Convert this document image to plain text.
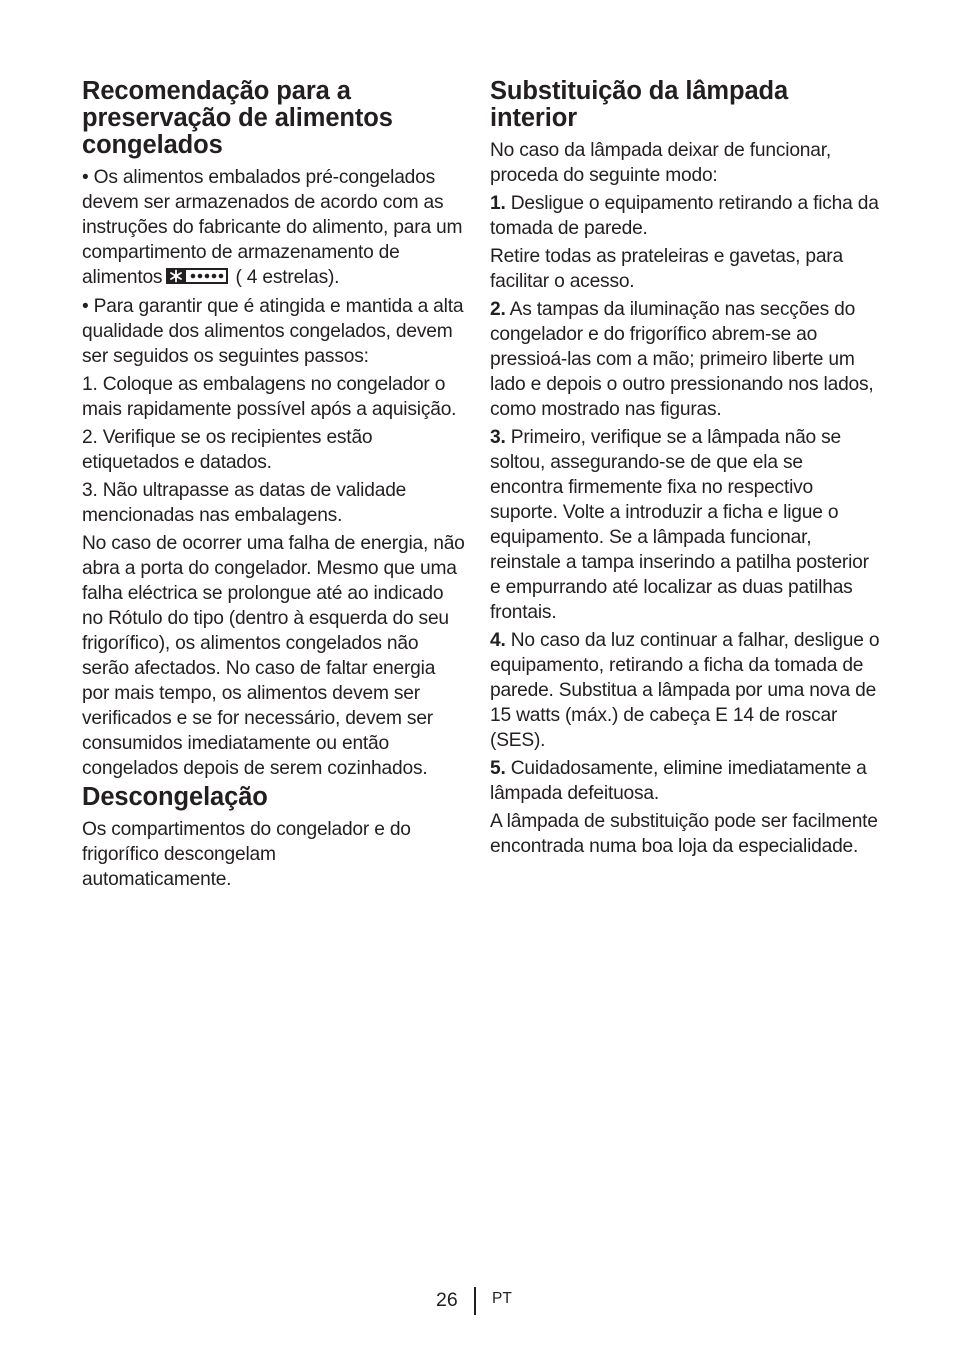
Recomendação para a preservação de alimentos congelados

• Os alimentos embalados pré-congelados devem ser armazenados de acordo com as instruções do fabricante do alimento, para um compartimento de armazenamento de alimentos	( 4 estrelas).

• Para garantir que é atingida e mantida a alta qualidade dos alimentos congelados, devem ser seguidos os seguintes passos:

1. Coloque as embalagens no congelador o mais rapidamente possível após a aquisição.

2. Verifique se os recipientes estão etiquetados e datados.

3. Não ultrapasse as datas de validade mencionadas nas embalagens.

No caso de ocorrer uma falha de energia, não abra a porta do congelador. Mesmo que uma falha eléctrica se prolongue até ao indicado no Rótulo do tipo (dentro à esquerda do seu frigorífico), os alimentos congelados não serão afectados. No caso de faltar energia por mais tempo, os alimentos devem ser verificados e se for necessário, devem ser consumidos imediatamente ou então congelados depois de serem cozinhados.

Descongelação

Os compartimentos do congelador e do frigorífico descongelam automaticamente.

Substituição da lâmpada interior

No caso da lâmpada deixar de funcionar, proceda do seguinte modo:

1. Desligue o equipamento retirando a ficha da tomada de parede.

Retire todas as prateleiras e gavetas, para facilitar o acesso.

2. As tampas da iluminação nas secções do congelador e do frigorífico abrem-se ao pressioá-las com a mão; primeiro liberte um lado e depois o outro pressionando nos lados, como mostrado nas figuras.

3. Primeiro, verifique se a lâmpada não se soltou, assegurando-se de que ela se encontra firmemente fixa no respectivo suporte. Volte a introduzir a ficha e ligue o equipamento. Se a lâmpada funcionar, reinstale a tampa inserindo a patilha posterior e empurrando até localizar as duas patilhas frontais.

4. No caso da luz continuar a falhar, desligue o equipamento, retirando a ficha da tomada de parede. Substitua a lâmpada por uma nova de 15 watts (máx.) de cabeça E 14 de roscar (SES).

5. Cuidadosamente, elimine imediatamente a lâmpada defeituosa.

A lâmpada de substituição pode ser facilmente encontrada numa boa loja da especialidade.

26 PT
